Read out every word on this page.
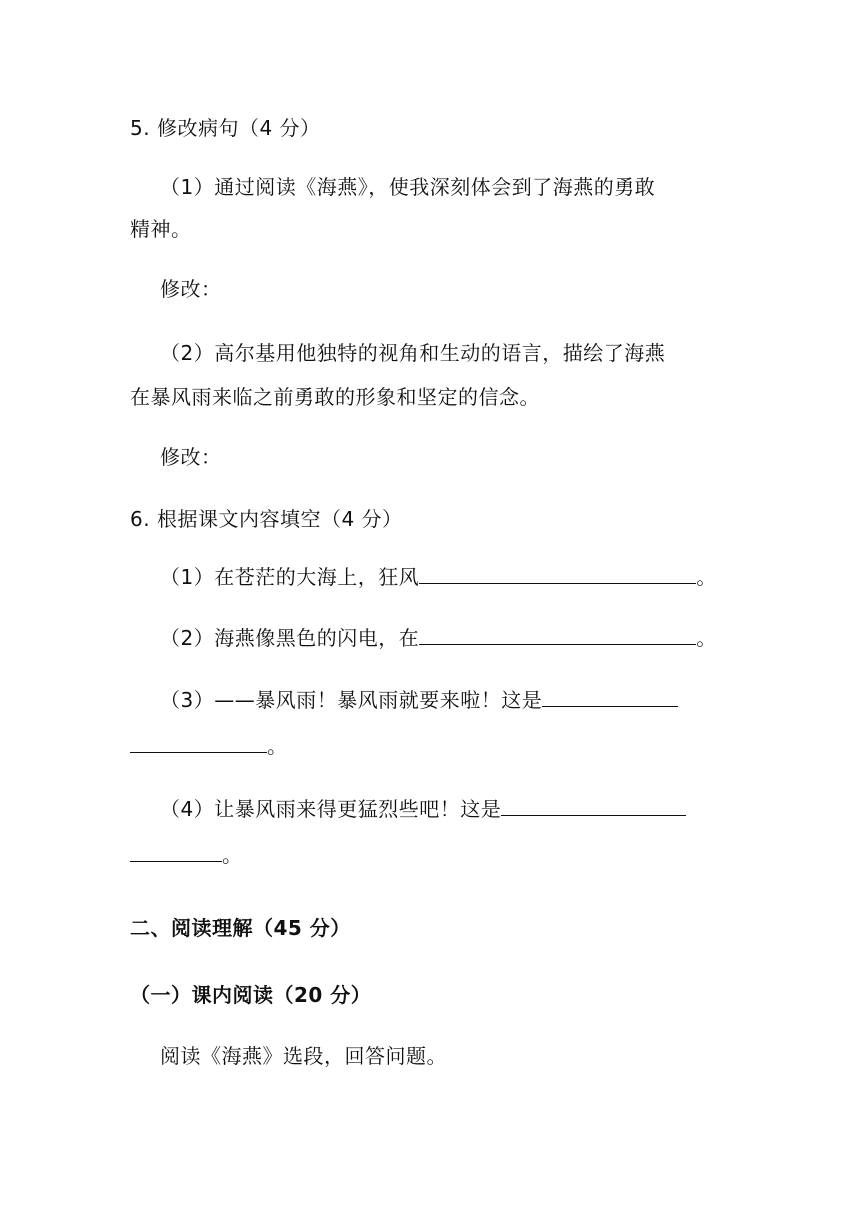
5. 修改病句（4 分）
（1）通过阅读《海燕》，使我深刻体会到了海燕的勇敢
精神。
修改：
（2）高尔基用他独特的视角和生动的语言，描绘了海燕
在暴风雨来临之前勇敢的形象和坚定的信念。
修改：
6. 根据课文内容填空（4 分）
（1）在苍茫的大海上，狂风	。
（2）海燕像黑色的闪电，在	。
（3）——暴风雨！暴风雨就要来啦！这是
。
（4）让暴风雨来得更猛烈些吧！这是
。
二、阅读理解（45 分）
（一）课内阅读（20 分）
阅读《海燕》选段，回答问题。
